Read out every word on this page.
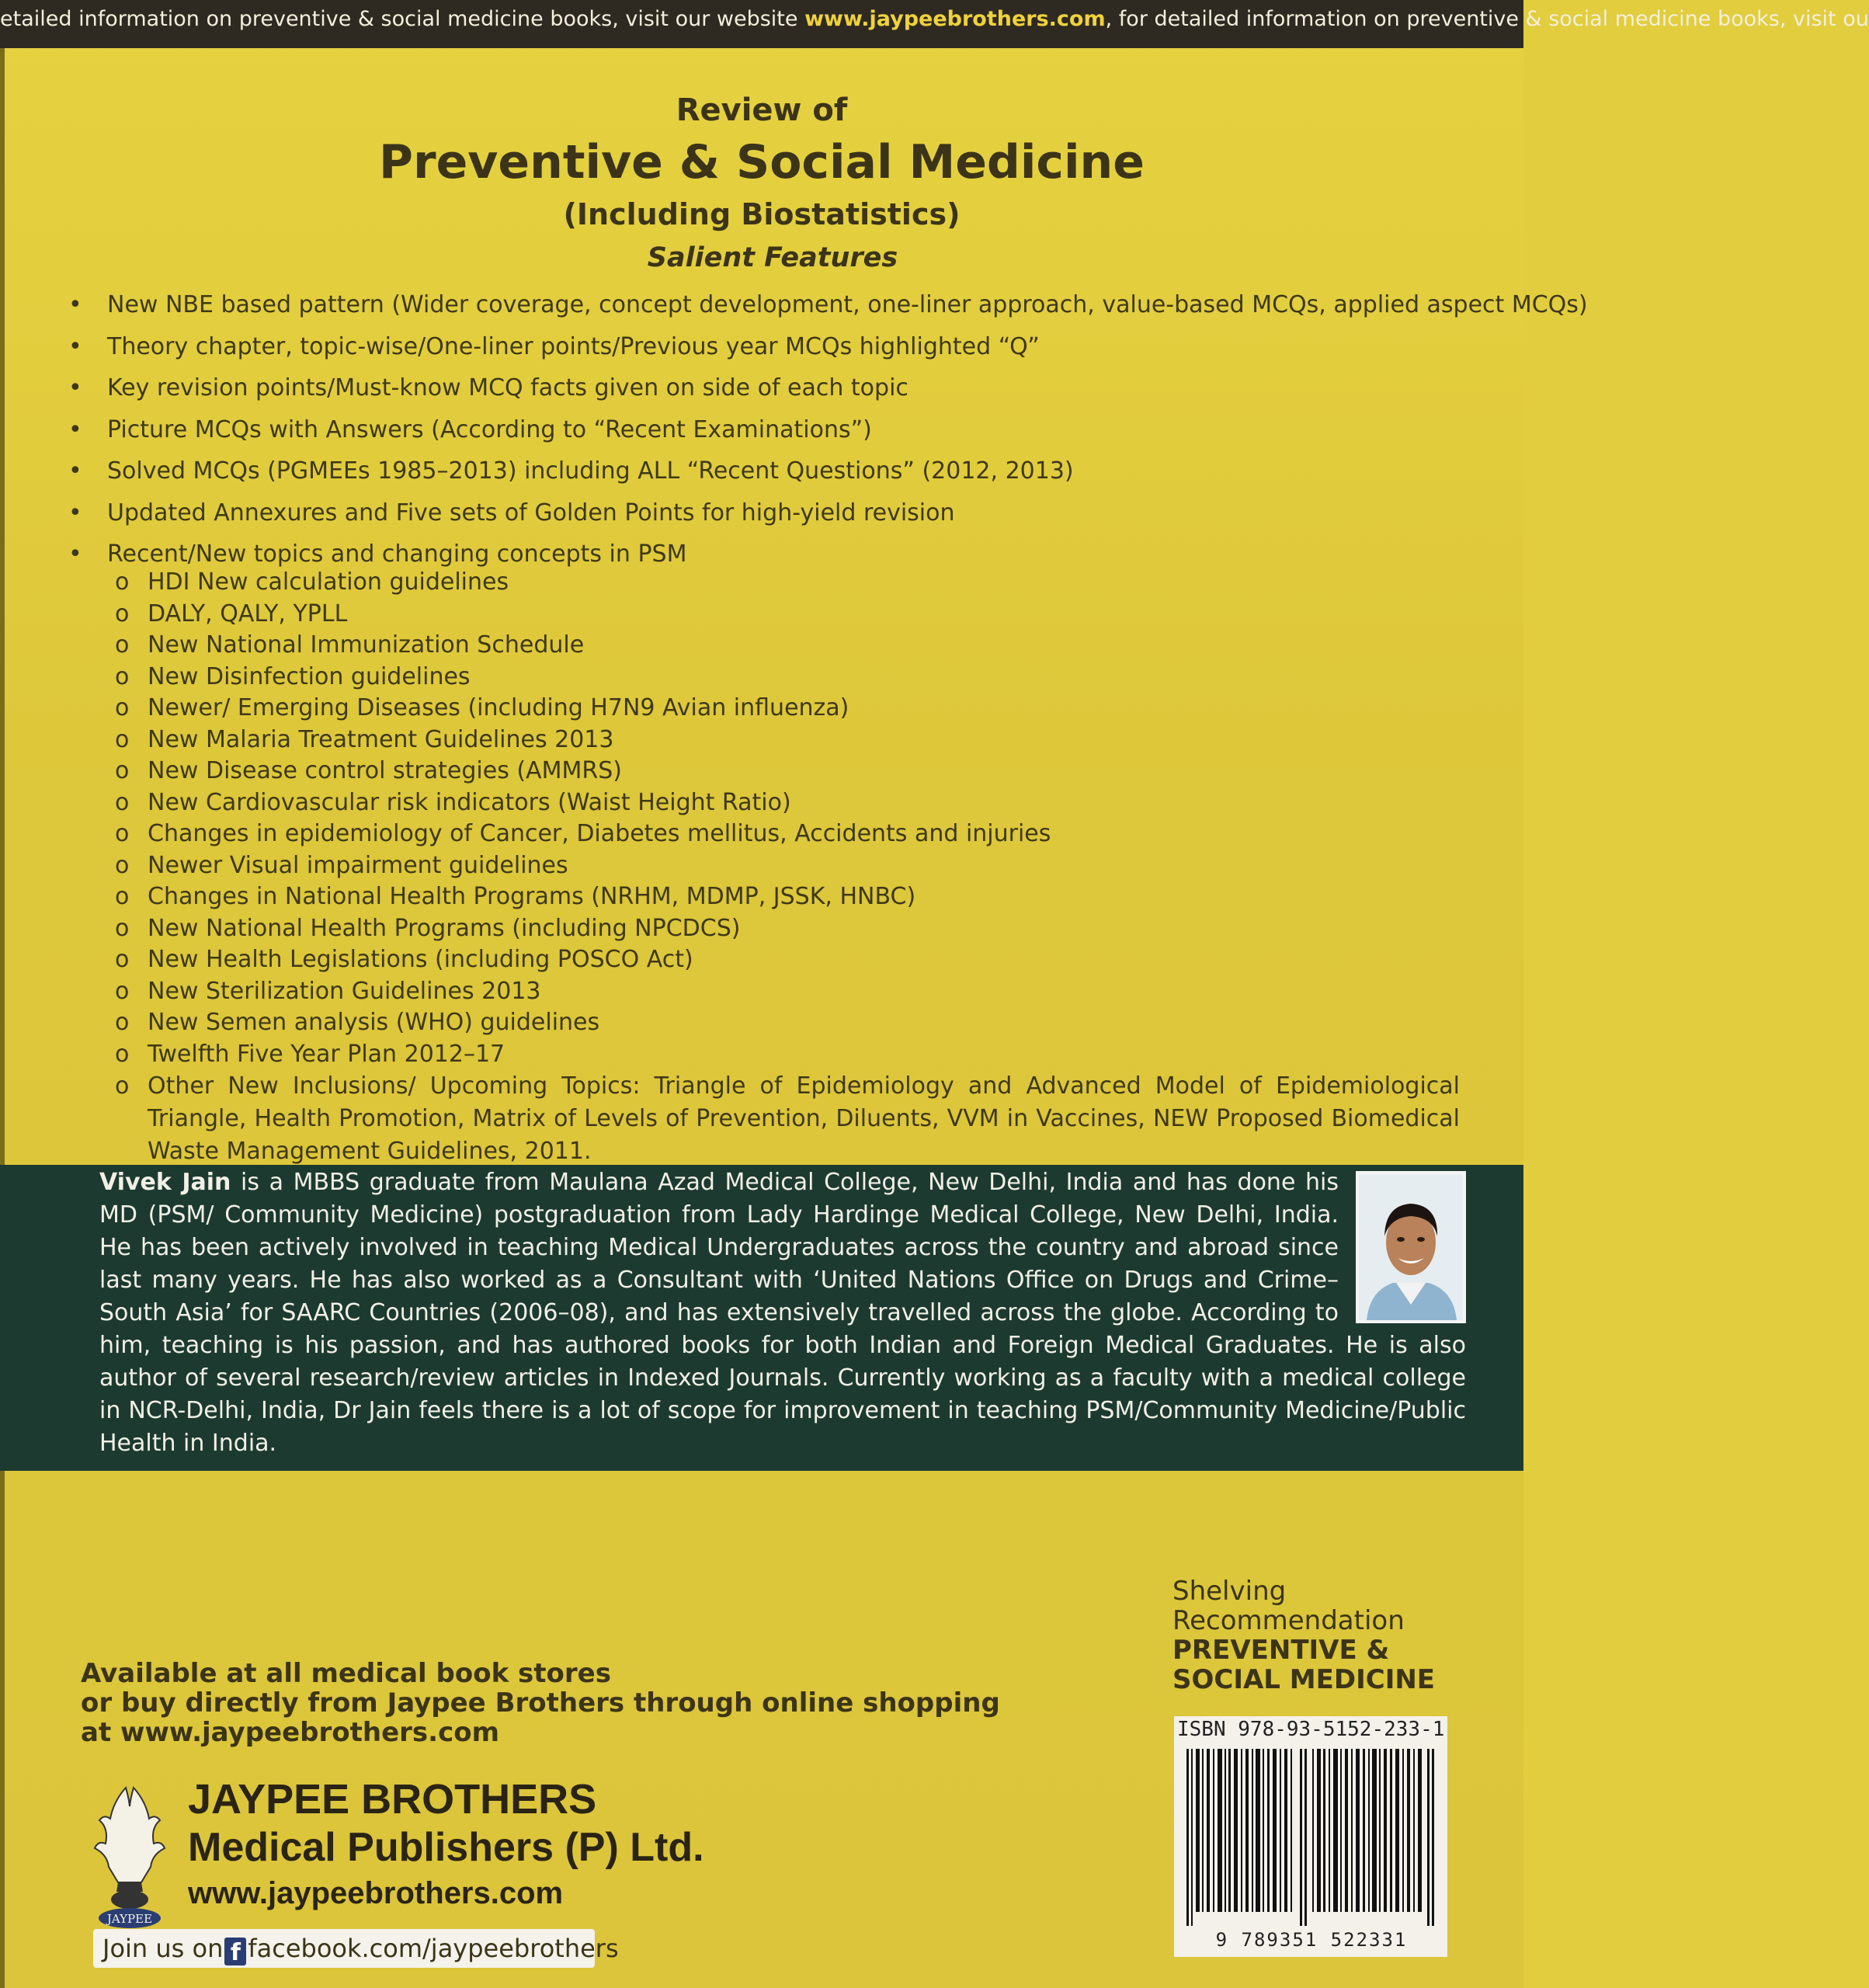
etailed information on preventive & social medicine books, visit our website www.jaypeebrothers.com, for detailed information on preventive & social medicine books, visit ou
Review of
Preventive & Social Medicine
(Including Biostatistics)
Salient Features
• New NBE based pattern (Wider coverage, concept development, one-liner approach, value-based MCQs, applied aspect MCQs)
• Theory chapter, topic-wise/One-liner points/Previous year MCQs highlighted “Q”
• Key revision points/Must-know MCQ facts given on side of each topic
• Picture MCQs with Answers (According to “Recent Examinations”)
• Solved MCQs (PGMEEs 1985–2013) including ALL “Recent Questions” (2012, 2013)
• Updated Annexures and Five sets of Golden Points for high-yield revision
• Recent/New topics and changing concepts in PSM
o HDI New calculation guidelines
o DALY, QALY, YPLL
o New National Immunization Schedule
o New Disinfection guidelines
o Newer/ Emerging Diseases (including H7N9 Avian influenza)
o New Malaria Treatment Guidelines 2013
o New Disease control strategies (AMMRS)
o New Cardiovascular risk indicators (Waist Height Ratio)
o Changes in epidemiology of Cancer, Diabetes mellitus, Accidents and injuries
o Newer Visual impairment guidelines
o Changes in National Health Programs (NRHM, MDMP, JSSK, HNBC)
o New National Health Programs (including NPCDCS)
o New Health Legislations (including POSCO Act)
o New Sterilization Guidelines 2013
o New Semen analysis (WHO) guidelines
o Twelfth Five Year Plan 2012–17
o Other New Inclusions/ Upcoming Topics: Triangle of Epidemiology and Advanced Model of Epidemiological Triangle, Health Promotion, Matrix of Levels of Prevention, Diluents, VVM in Vaccines, NEW Proposed Biomedical Waste Management Guidelines, 2011.
Vivek Jain is a MBBS graduate from Maulana Azad Medical College, New Delhi, India and has done his MD (PSM/ Community Medicine) postgraduation from Lady Hardinge Medical College, New Delhi, India. He has been actively involved in teaching Medical Undergraduates across the country and abroad since last many years. He has also worked as a Consultant with ‘United Nations Office on Drugs and Crime–South Asia’ for SAARC Countries (2006–08), and has extensively travelled across the globe. According to him, teaching is his passion, and has authored books for both Indian and Foreign Medical Graduates. He is also author of several research/review articles in Indexed Journals. Currently working as a faculty with a medical college in NCR-Delhi, India, Dr Jain feels there is a lot of scope for improvement in teaching PSM/Community Medicine/Public Health in India.
Shelving
Recommendation
PREVENTIVE &
SOCIAL MEDICINE
ISBN 978-93-5152-233-1
9 789351 522331
Available at all medical book stores
or buy directly from Jaypee Brothers through online shopping
at www.jaypeebrothers.com
JAYPEE
JAYPEE BROTHERS
Medical Publishers (P) Ltd.
www.jaypeebrothers.com
Join us on f facebook.com/jaypeebrothers
